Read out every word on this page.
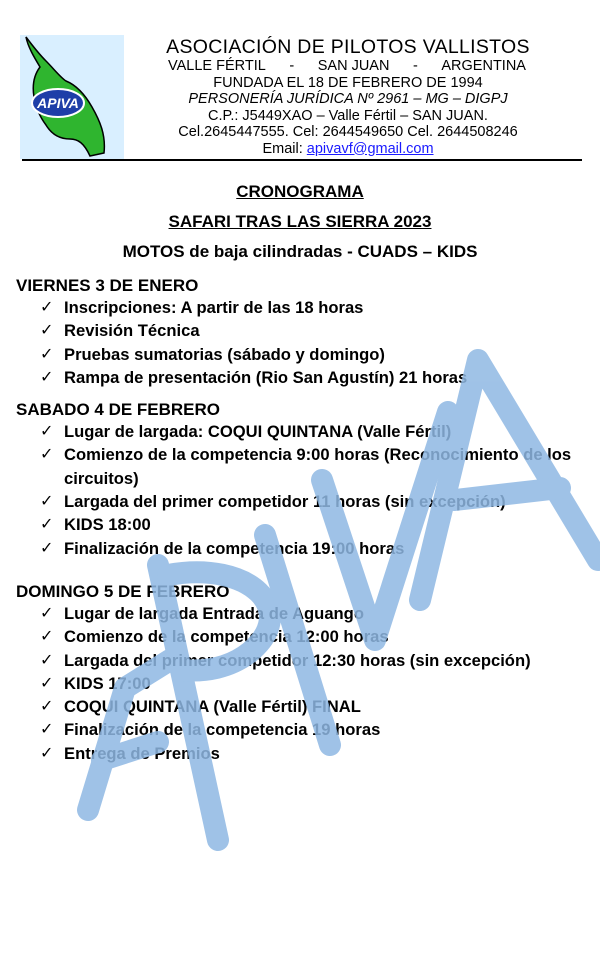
APIVA
ASOCIACIÓN DE PILOTOS VALLISTOS
VALLE FÉRTIL - SAN JUAN - ARGENTINA
FUNDADA EL 18 DE FEBRERO DE 1994
PERSONERÍA JURÍDICA Nº 2961 – MG – DIGPJ
C.P.: J5449XAO – Valle Fértil – SAN JUAN.
Cel.2645447555. Cel: 2644549650 Cel. 2644508246
Email: apivavf@gmail.com
CRONOGRAMA
SAFARI TRAS LAS SIERRA 2023
MOTOS de baja cilindradas - CUADS – KIDS
VIERNES 3 DE ENERO
✓ Inscripciones: A partir de las 18 horas
✓ Revisión Técnica
✓ Pruebas sumatorias (sábado y domingo)
✓ Rampa de presentación (Rio San Agustín) 21 horas
SABADO 4 DE FEBRERO
✓ Lugar de largada: COQUI QUINTANA (Valle Fértil)
✓ Comienzo de la competencia 9:00 horas (Reconocimiento de los circuitos)
✓ Largada del primer competidor 11 horas (sin excepción)
✓ KIDS 18:00
✓ Finalización de la competencia 19:00 horas
DOMINGO 5 DE FEBRERO
✓ Lugar de largada Entrada de Aguango
✓ Comienzo de la competencia 12:00 horas
✓ Largada del primer competidor 12:30 horas (sin excepción)
✓ KIDS 17:00
✓ COQUI QUINTANA (Valle Fértil) FINAL
✓ Finalización de la competencia 19 horas
✓ Entrega de Premios
